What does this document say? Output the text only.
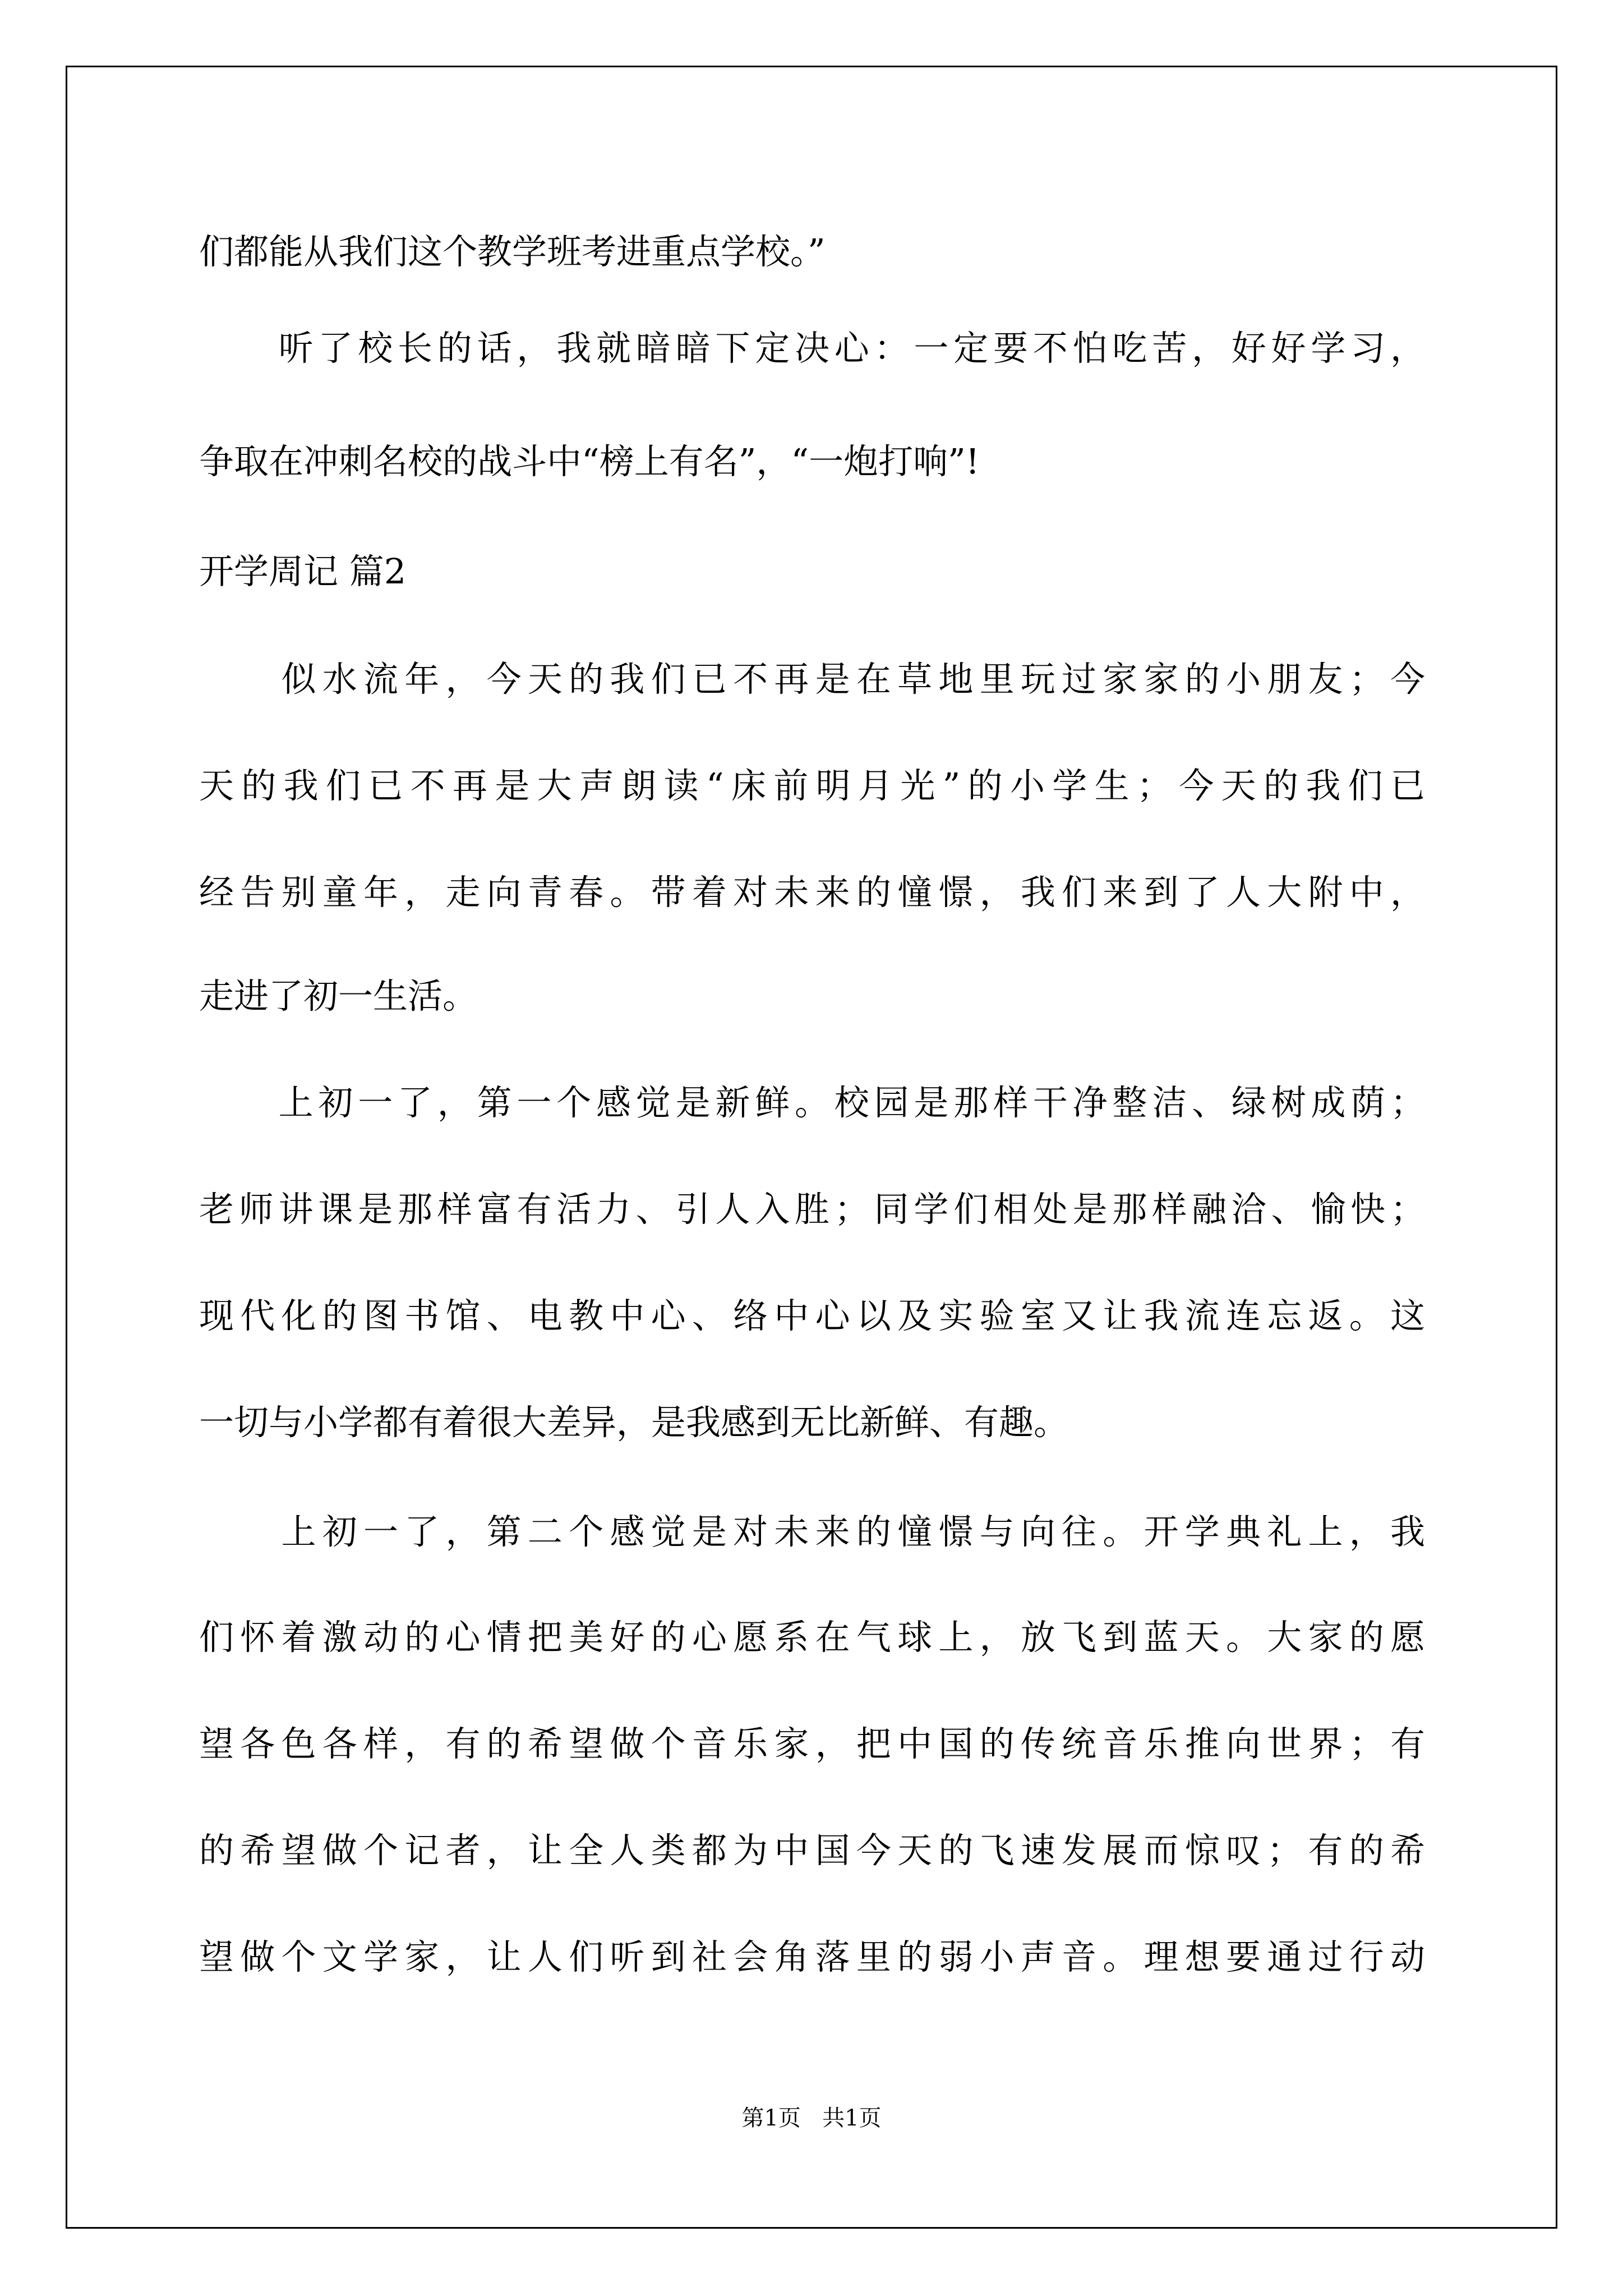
们都能从我们这个教学班考进重点学校。”
　　听了校长的话，我就暗暗下定决心：一定要不怕吃苦，好好学习，
争取在冲刺名校的战斗中“榜上有名”，“一炮打响”!
开学周记 篇2
　　似水流年，今天的我们已不再是在草地里玩过家家的小朋友；今
天的我们已不再是大声朗读“床前明月光”的小学生；今天的我们已
经告别童年，走向青春。带着对未来的憧憬，我们来到了人大附中，
走进了初一生活。
　　上初一了，第一个感觉是新鲜。校园是那样干净整洁、绿树成荫；
老师讲课是那样富有活力、引人入胜；同学们相处是那样融洽、愉快；
现代化的图书馆、电教中心、络中心以及实验室又让我流连忘返。这
一切与小学都有着很大差异，是我感到无比新鲜、有趣。
　　上初一了，第二个感觉是对未来的憧憬与向往。开学典礼上，我
们怀着激动的心情把美好的心愿系在气球上，放飞到蓝天。大家的愿
望各色各样，有的希望做个音乐家，把中国的传统音乐推向世界；有
的希望做个记者，让全人类都为中国今天的飞速发展而惊叹；有的希
望做个文学家，让人们听到社会角落里的弱小声音。理想要通过行动
第1页 共1页
